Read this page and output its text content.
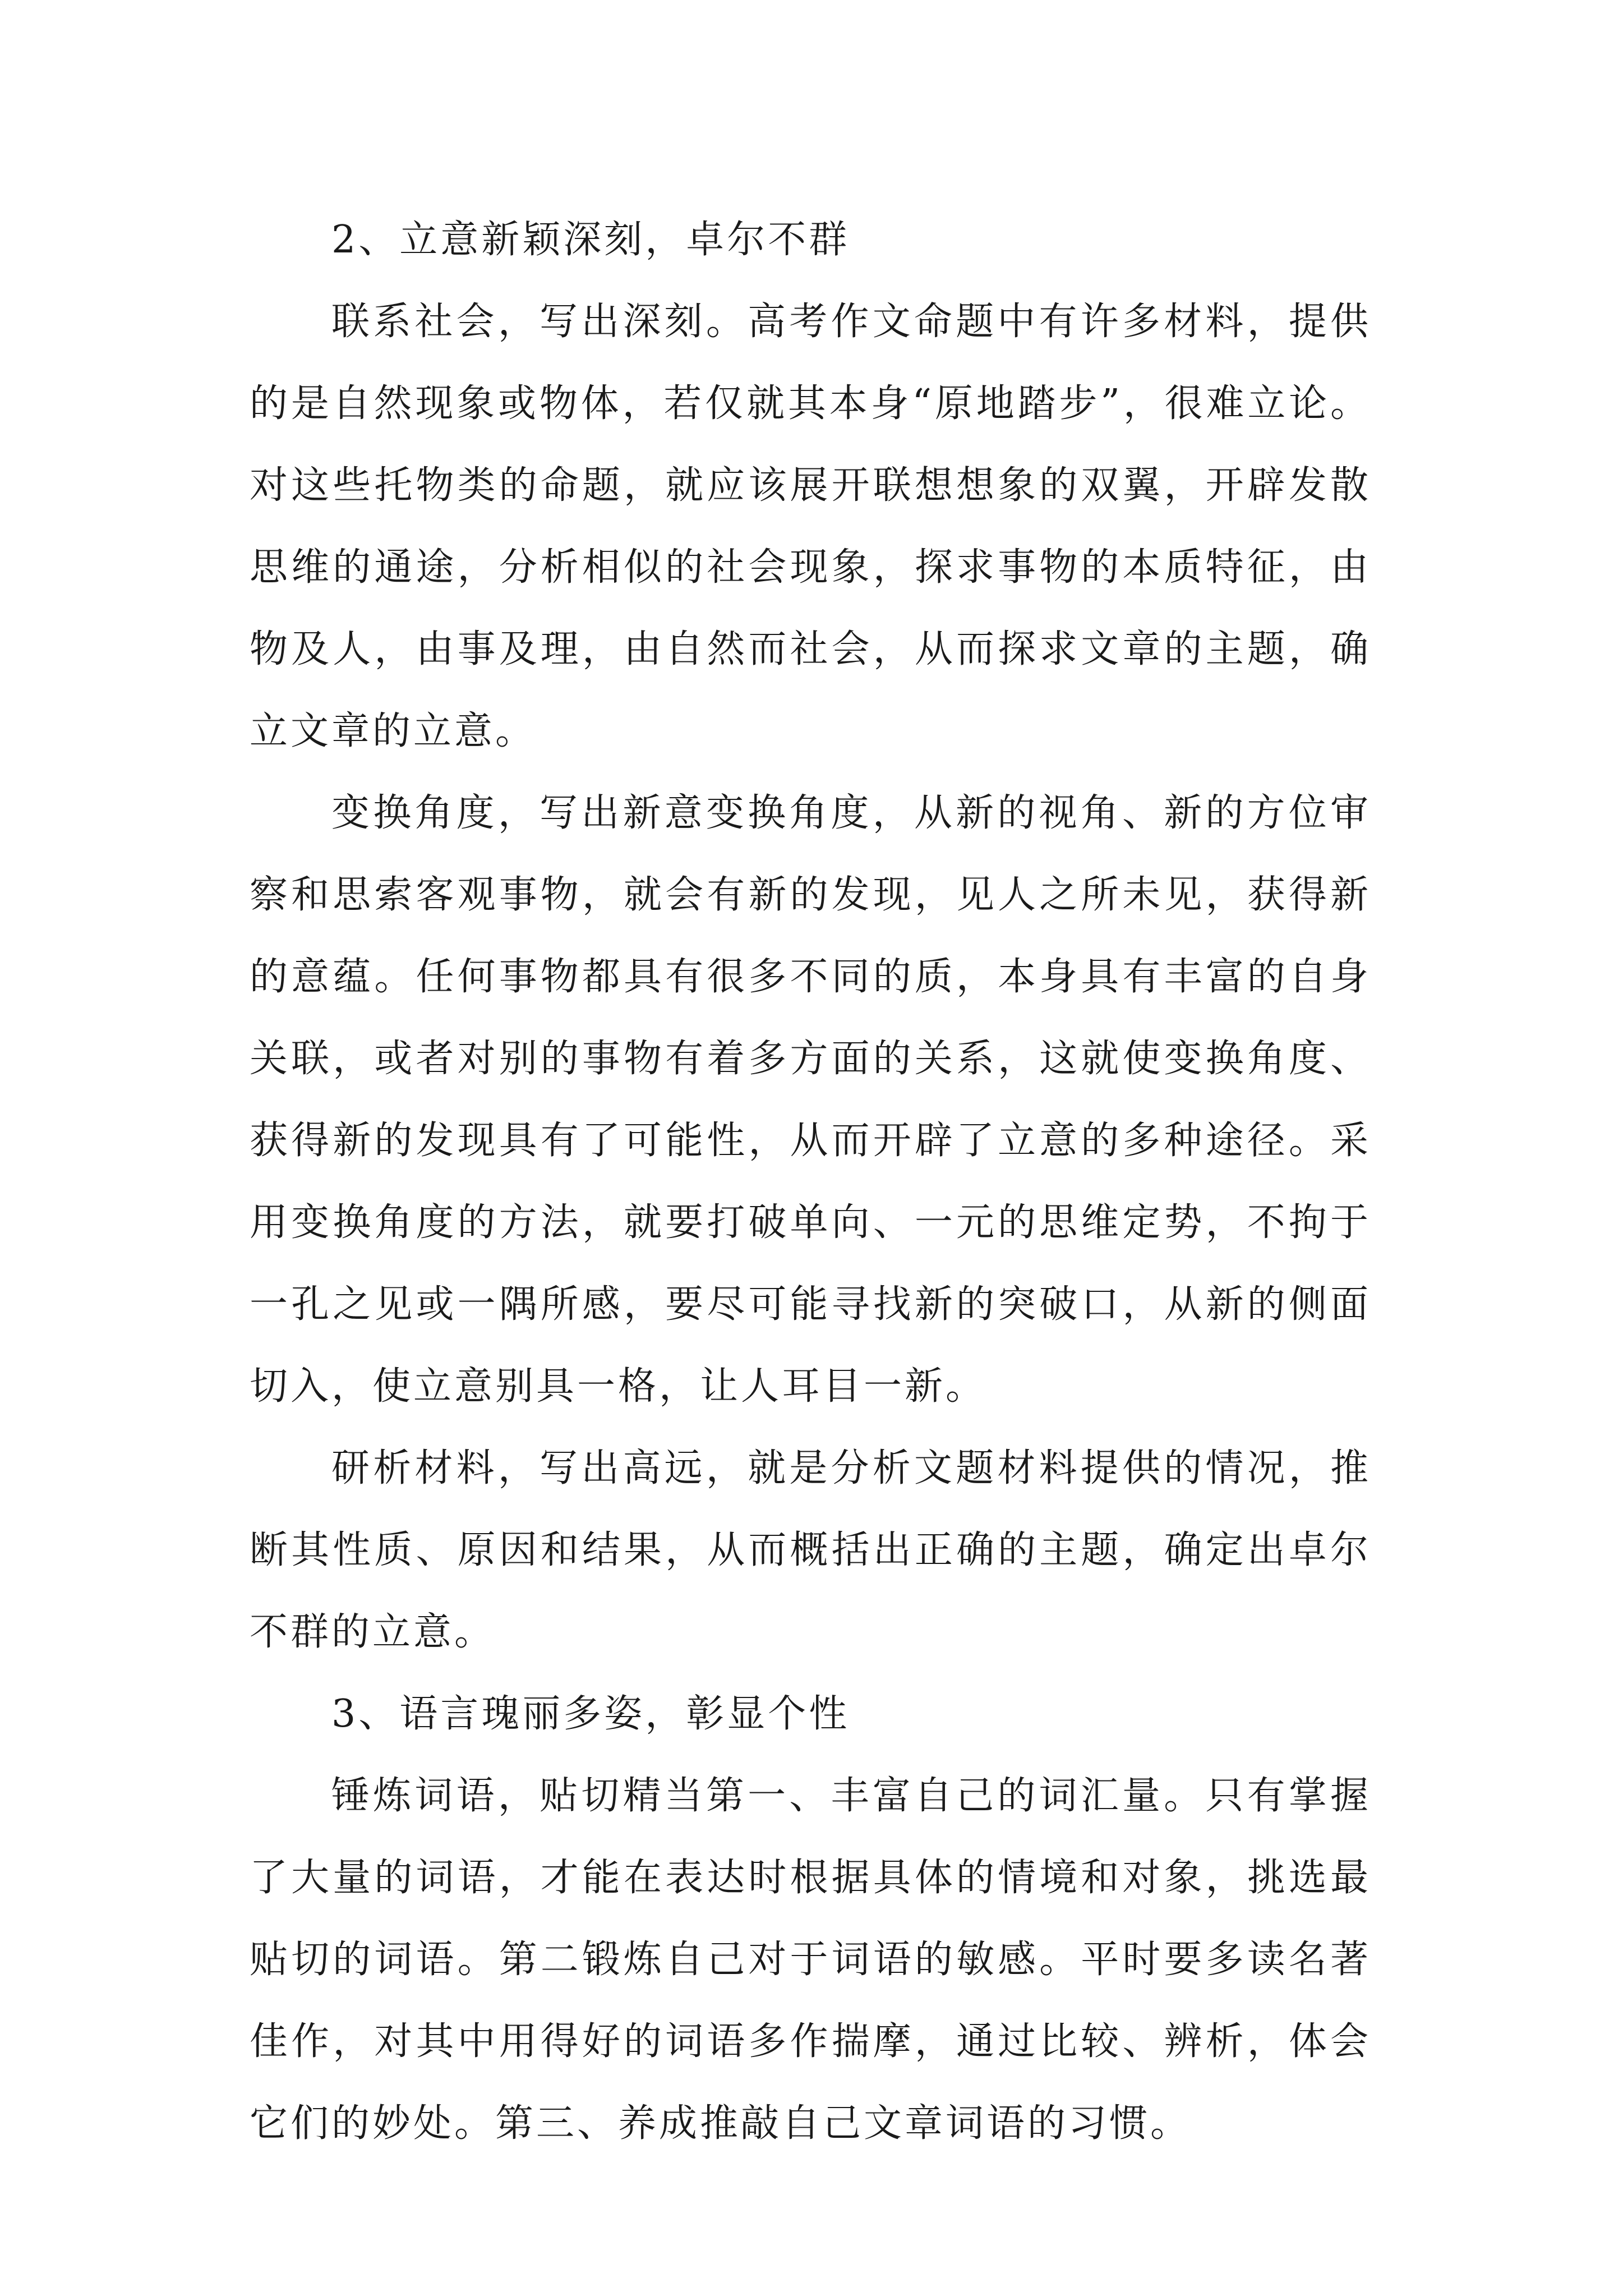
2、立意新颖深刻，卓尔不群

联系社会，写出深刻。高考作文命题中有许多材料，提供的是自然现象或物体，若仅就其本身“原地踏步”，很难立论。对这些托物类的命题，就应该展开联想想象的双翼，开辟发散思维的通途，分析相似的社会现象，探求事物的本质特征，由物及人，由事及理，由自然而社会，从而探求文章的主题，确立文章的立意。

变换角度，写出新意变换角度，从新的视角、新的方位审察和思索客观事物，就会有新的发现，见人之所未见，获得新的意蕴。任何事物都具有很多不同的质，本身具有丰富的自身关联，或者对别的事物有着多方面的关系，这就使变换角度、获得新的发现具有了可能性，从而开辟了立意的多种途径。采用变换角度的方法，就要打破单向、一元的思维定势，不拘于一孔之见或一隅所感，要尽可能寻找新的突破口，从新的侧面切入，使立意别具一格，让人耳目一新。

研析材料，写出高远，就是分析文题材料提供的情况，推断其性质、原因和结果，从而概括出正确的主题，确定出卓尔不群的立意。

3、语言瑰丽多姿，彰显个性

锤炼词语，贴切精当第一、丰富自己的词汇量。只有掌握了大量的词语，才能在表达时根据具体的情境和对象，挑选最贴切的词语。第二锻炼自己对于词语的敏感。平时要多读名著佳作，对其中用得好的词语多作揣摩，通过比较、辨析，体会它们的妙处。第三、养成推敲自己文章词语的习惯。
